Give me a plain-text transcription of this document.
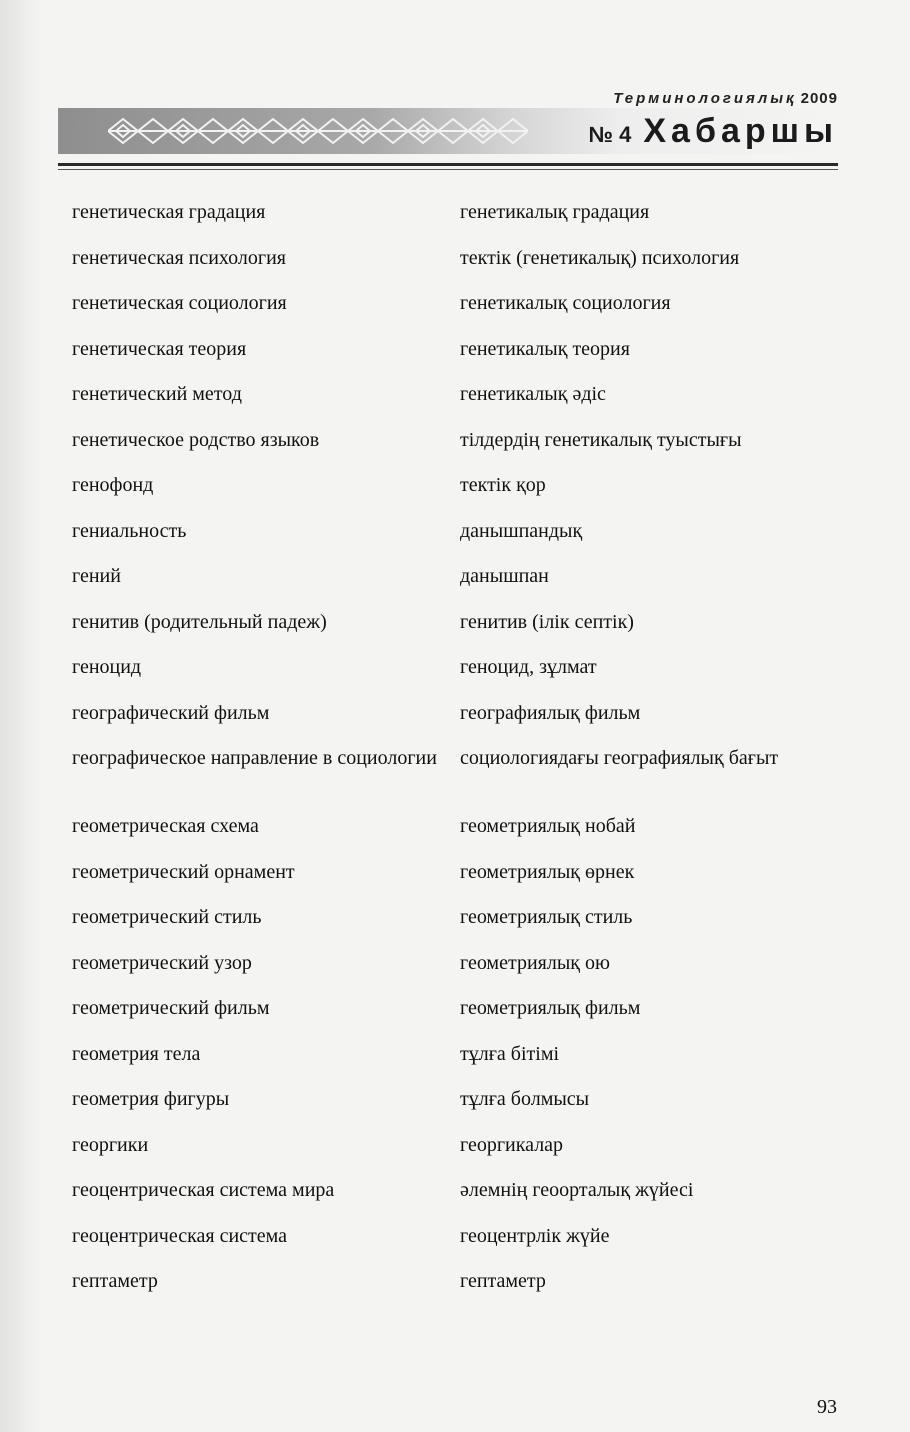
Терминологиялық 2009
№ 4 Хабаршы
генетическая градация	генетикалық градация
генетическая психология	тектік (генетикалық) психология
генетическая социология	генетикалық социология
генетическая теория	генетикалық теория
генетический метод	генетикалық әдіс
генетическое родство языков	тілдердің генетикалық туыстығы
генофонд	тектік қор
гениальность	данышпандық
гений	данышпан
генитив (родительный падеж)	генитив (ілік септік)
геноцид	геноцид, зұлмат
географический фильм	географиялық фильм
географическое направление в социологии	социологиядағы географиялық бағыт
геометрическая схема	геометриялық нобай
геометрический орнамент	геометриялық өрнек
геометрический стиль	геометриялық стиль
геометрический узор	геометриялық ою
геометрический фильм	геометриялық фильм
геометрия тела	тұлға бітімі
геометрия фигуры	тұлға болмысы
георгики	георгикалар
геоцентрическая система мира	әлемнің геоорталық жүйесі
геоцентрическая система	геоцентрлік жүйе
гептаметр	гептаметр
93
